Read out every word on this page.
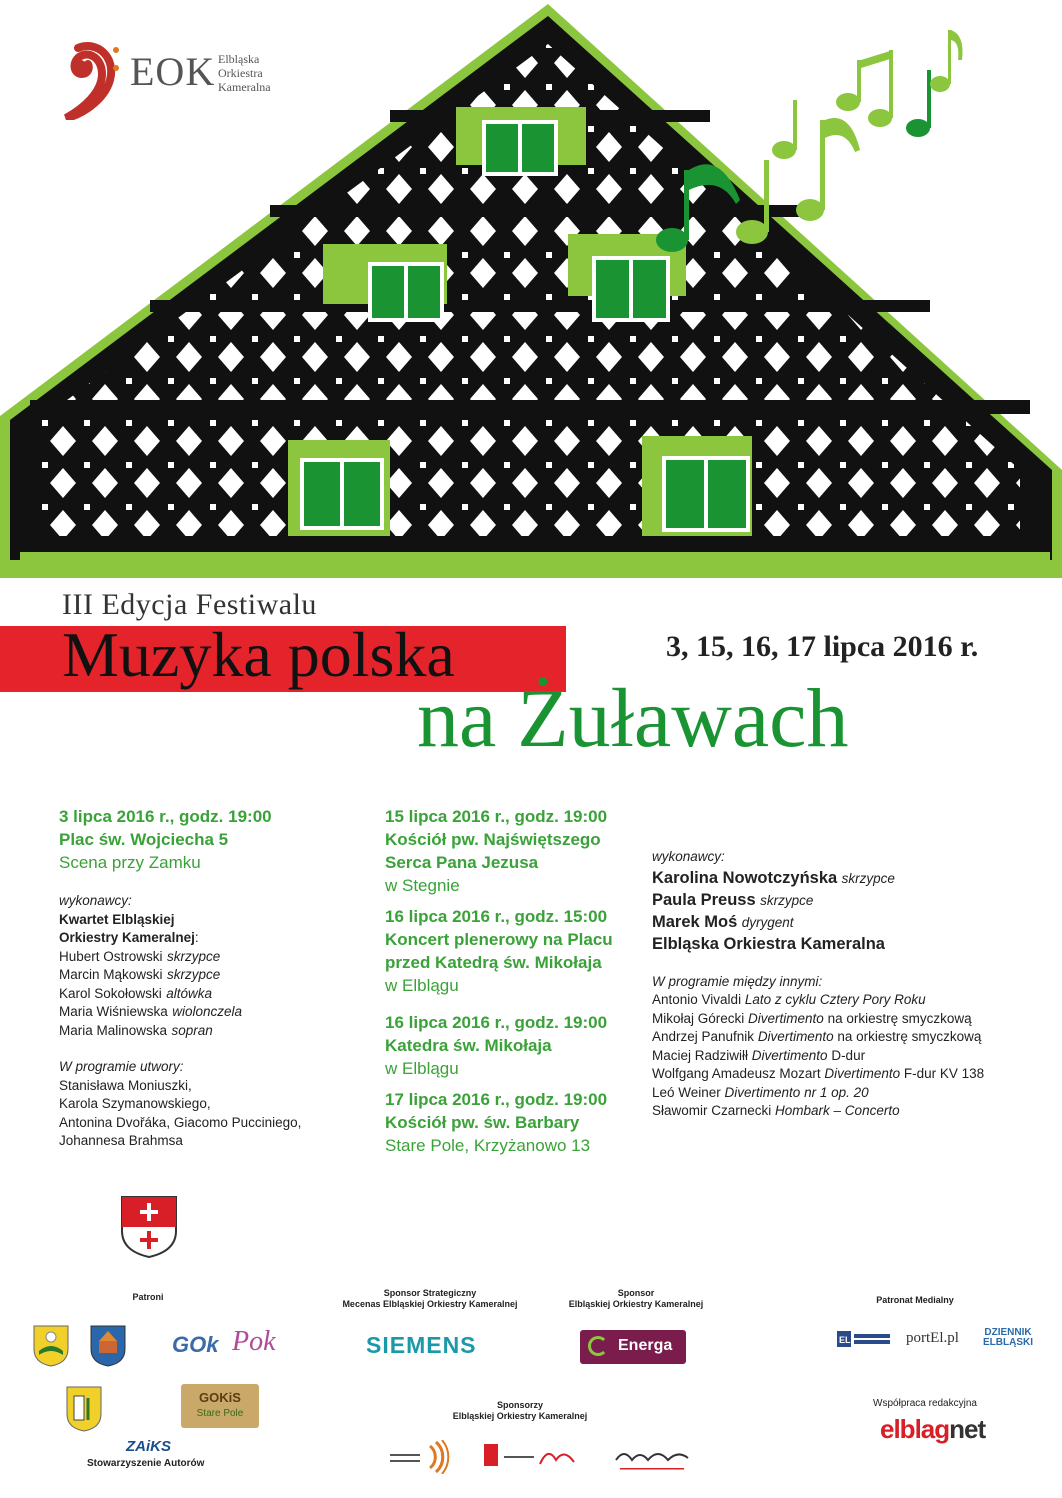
EOK Elbląska
Orkiestra
Kameralna
III Edycja Festiwalu
Muzyka polska
na Żuławach
3, 15, 16, 17 lipca 2016 r.
3 lipca 2016 r., godz. 19:00
Plac św. Wojciecha 5
Scena przy Zamku
wykonawcy:
Kwartet Elbląskiej
Orkiestry Kameralnej:
Hubert Ostrowski skrzypce
Marcin Mąkowski skrzypce
Karol Sokołowski altówka
Maria Wiśniewska wiolonczela
Maria Malinowska sopran
W programie utwory:
Stanisława Moniuszki,
Karola Szymanowskiego,
Antonina Dvořáka, Giacomo Pucciniego,
Johannesa Brahmsa
15 lipca 2016 r., godz. 19:00
Kościół pw. Najświętszego
Serca Pana Jezusa
w Stegnie
16 lipca 2016 r., godz. 15:00
Koncert plenerowy na Placu
przed Katedrą św. Mikołaja
w Elblągu
16 lipca 2016 r., godz. 19:00
Katedra św. Mikołaja
w Elblągu
17 lipca 2016 r., godz. 19:00
Kościół pw. św. Barbary
Stare Pole, Krzyżanowo 13
wykonawcy:
Karolina Nowotczyńska skrzypce
Paula Preuss skrzypce
Marek Moś dyrygent
Elbląska Orkiestra Kameralna
W programie między innymi:
Antonio Vivaldi Lato z cyklu Cztery Pory Roku
Mikołaj Górecki Divertimento na orkiestrę smyczkową
Andrzej Panufnik Divertimento na orkiestrę smyczkową
Maciej Radziwiłł Divertimento D-dur
Wolfgang Amadeusz Mozart Divertimento F-dur KV 138
Leó Weiner Divertimento nr 1 op. 20
Sławomir Czarnecki Hombark – Concerto
Patroni	Sponsor Strategiczny
Mecenas Elbląskiej Orkiestry Kameralnej
Sponsor
Elbląskiej Orkiestry Kameralnej	Patronat Medialny
Sponsorzy
Elbląskiej Orkiestry Kameralnej
Współpraca redakcyjna
GOk Pok
GOKiS
Stare Pole
ZAiKS
Stowarzyszenie Autorów
SIEMENS	Energa	EL	portEl.pl	DZIENNIK
ELBLĄSKI
elblagnet
